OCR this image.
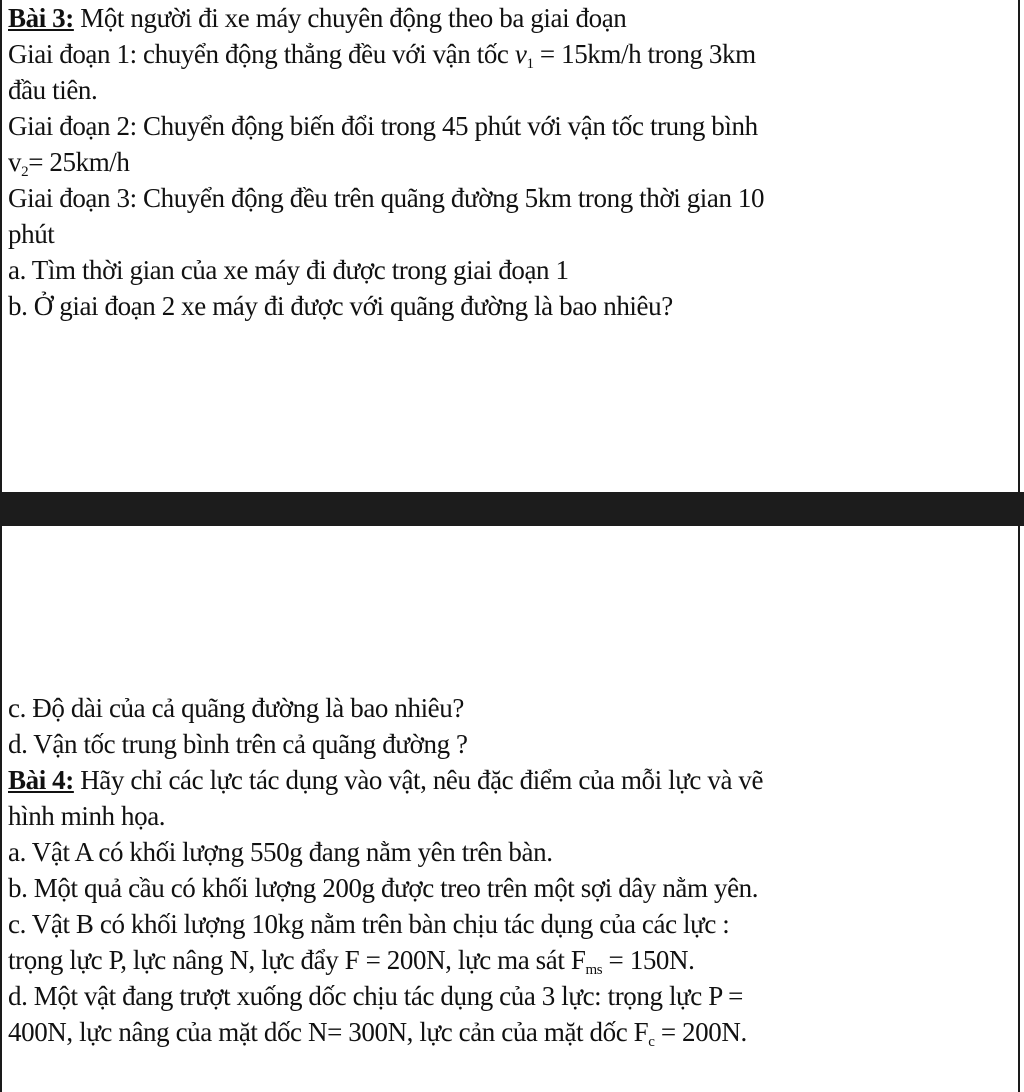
Bài 3: Một người đi xe máy chuyên động theo ba giai đoạn
Giai đoạn 1: chuyển động thẳng đều với vận tốc $v_1 = 15km/h$ trong 3km
đầu tiên.
Giai đoạn 2: Chuyển động biến đổi trong 45 phút với vận tốc trung bình
$v_2= 25km/h$
Giai đoạn 3: Chuyển động đều trên quãng đường 5km trong thời gian 10
phút
a. Tìm thời gian của xe máy đi được trong giai đoạn 1
b. Ở giai đoạn 2 xe máy đi được với quãng đường là bao nhiêu?
c. Độ dài của cả quãng đường là bao nhiêu?
d. Vận tốc trung bình trên cả quãng đường ?
Bài 4: Hãy chỉ các lực tác dụng vào vật, nêu đặc điểm của mỗi lực và vẽ
hình minh họa.
a. Vật A có khối lượng 550g đang nằm yên trên bàn.
b. Một quả cầu có khối lượng 200g được treo trên một sợi dây nằm yên.
c. Vật B có khối lượng 10kg nằm trên bàn chịu tác dụng của các lực :
trọng lực P, lực nâng N, lực đẩy F = 200N, lực ma sát $F_{ms} = 150N$.
d. Một vật đang trượt xuống dốc chịu tác dụng của 3 lực: trọng lực P =
400N, lực nâng của mặt dốc N= 300N, lực cản của mặt dốc $F_c = 200N$.
